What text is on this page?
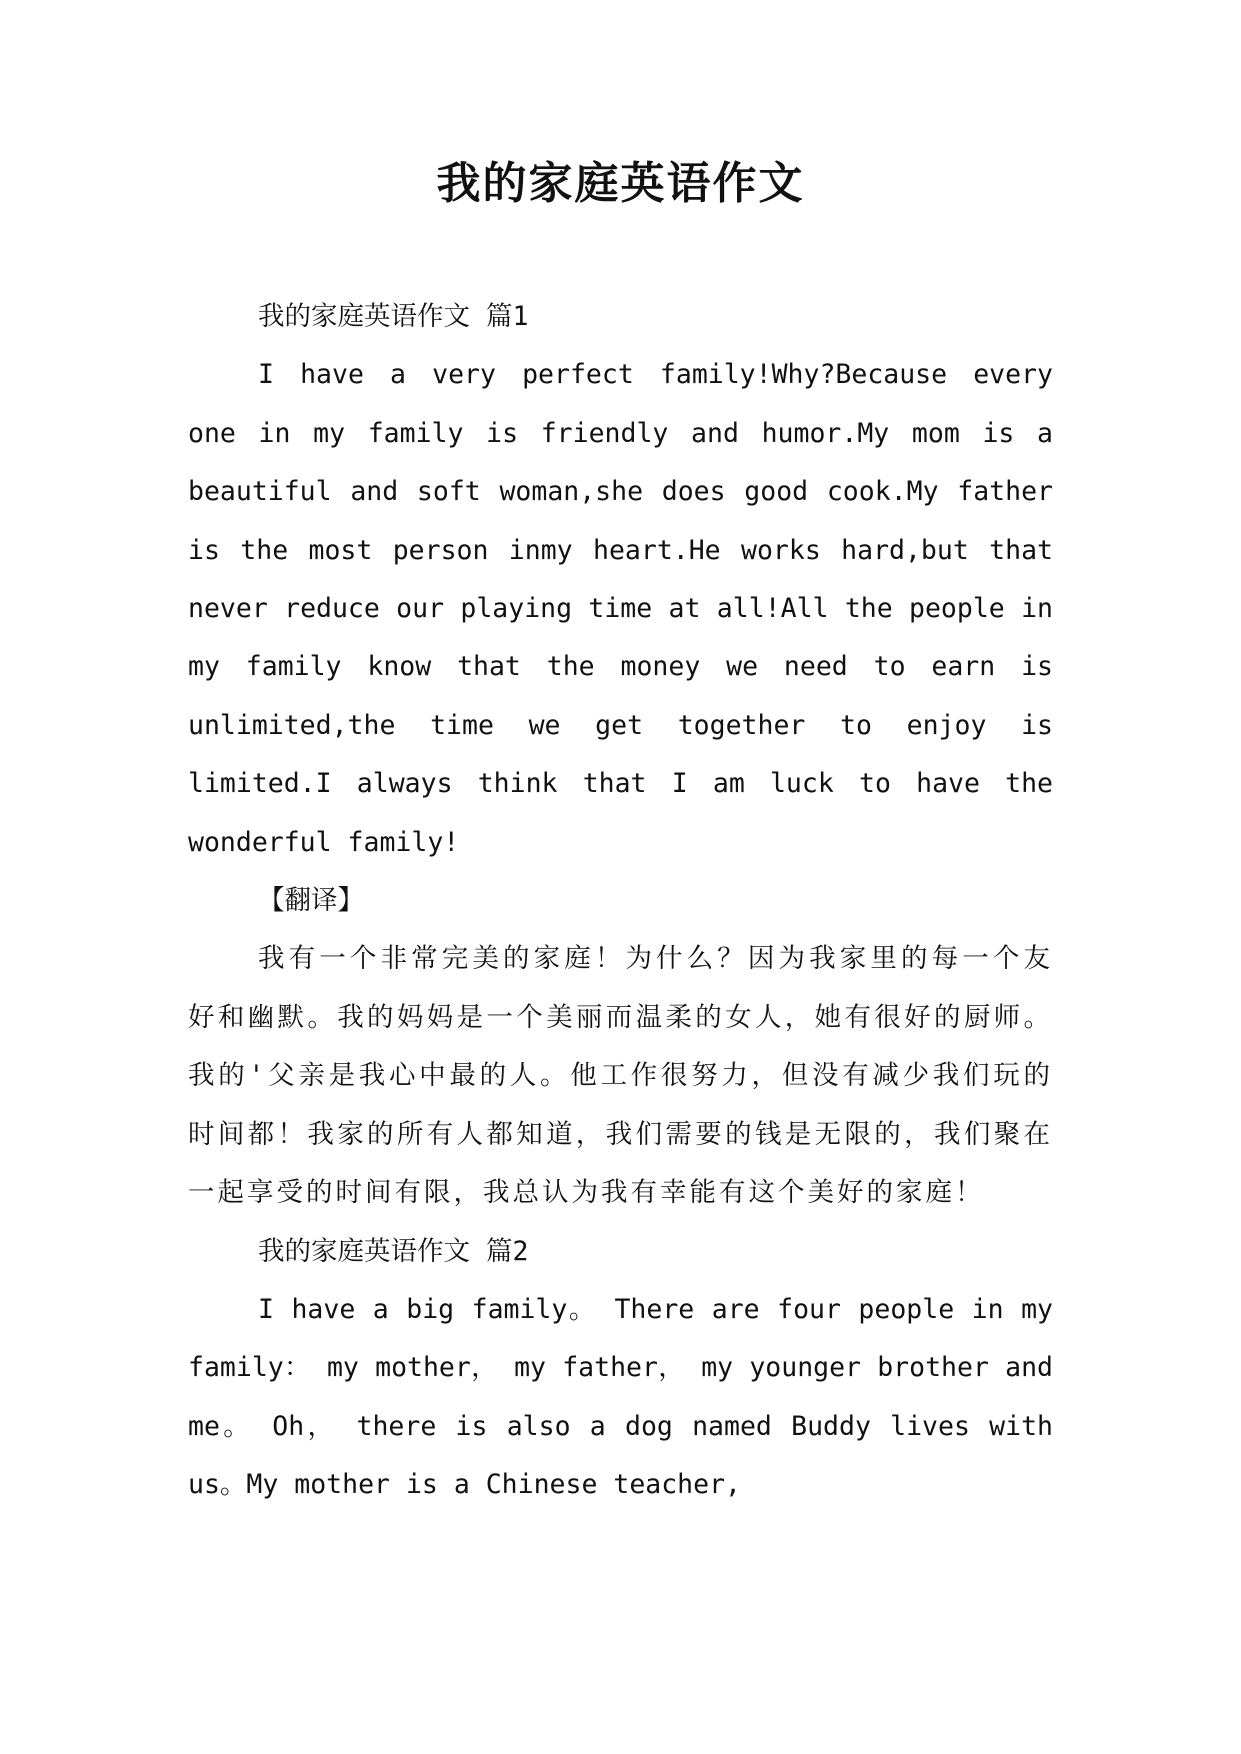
我的家庭英语作文

我的家庭英语作文 篇1

I have a very perfect family!Why?Because every one in my family is friendly and humor.My mom is a beautiful and soft woman,she does good cook.My father is the most person inmy heart.He works hard,but that never reduce our playing time at all!All the people in my family know that the money we need to earn is unlimited,the time we get together to enjoy is limited.I always think that I am luck to have the wonderful family!

【翻译】

我有一个非常完美的家庭！为什么？因为我家里的每一个友好和幽默。我的妈妈是一个美丽而温柔的女人，她有很好的厨师。我的'父亲是我心中最的人。他工作很努力，但没有减少我们玩的时间都！我家的所有人都知道，我们需要的钱是无限的，我们聚在一起享受的时间有限，我总认为我有幸能有这个美好的家庭！

我的家庭英语作文 篇2

I have a big family。 There are four people in my family： my mother， my father， my younger brother and me。 Oh， there is also a dog named Buddy lives with us。My mother is a Chinese teacher,
